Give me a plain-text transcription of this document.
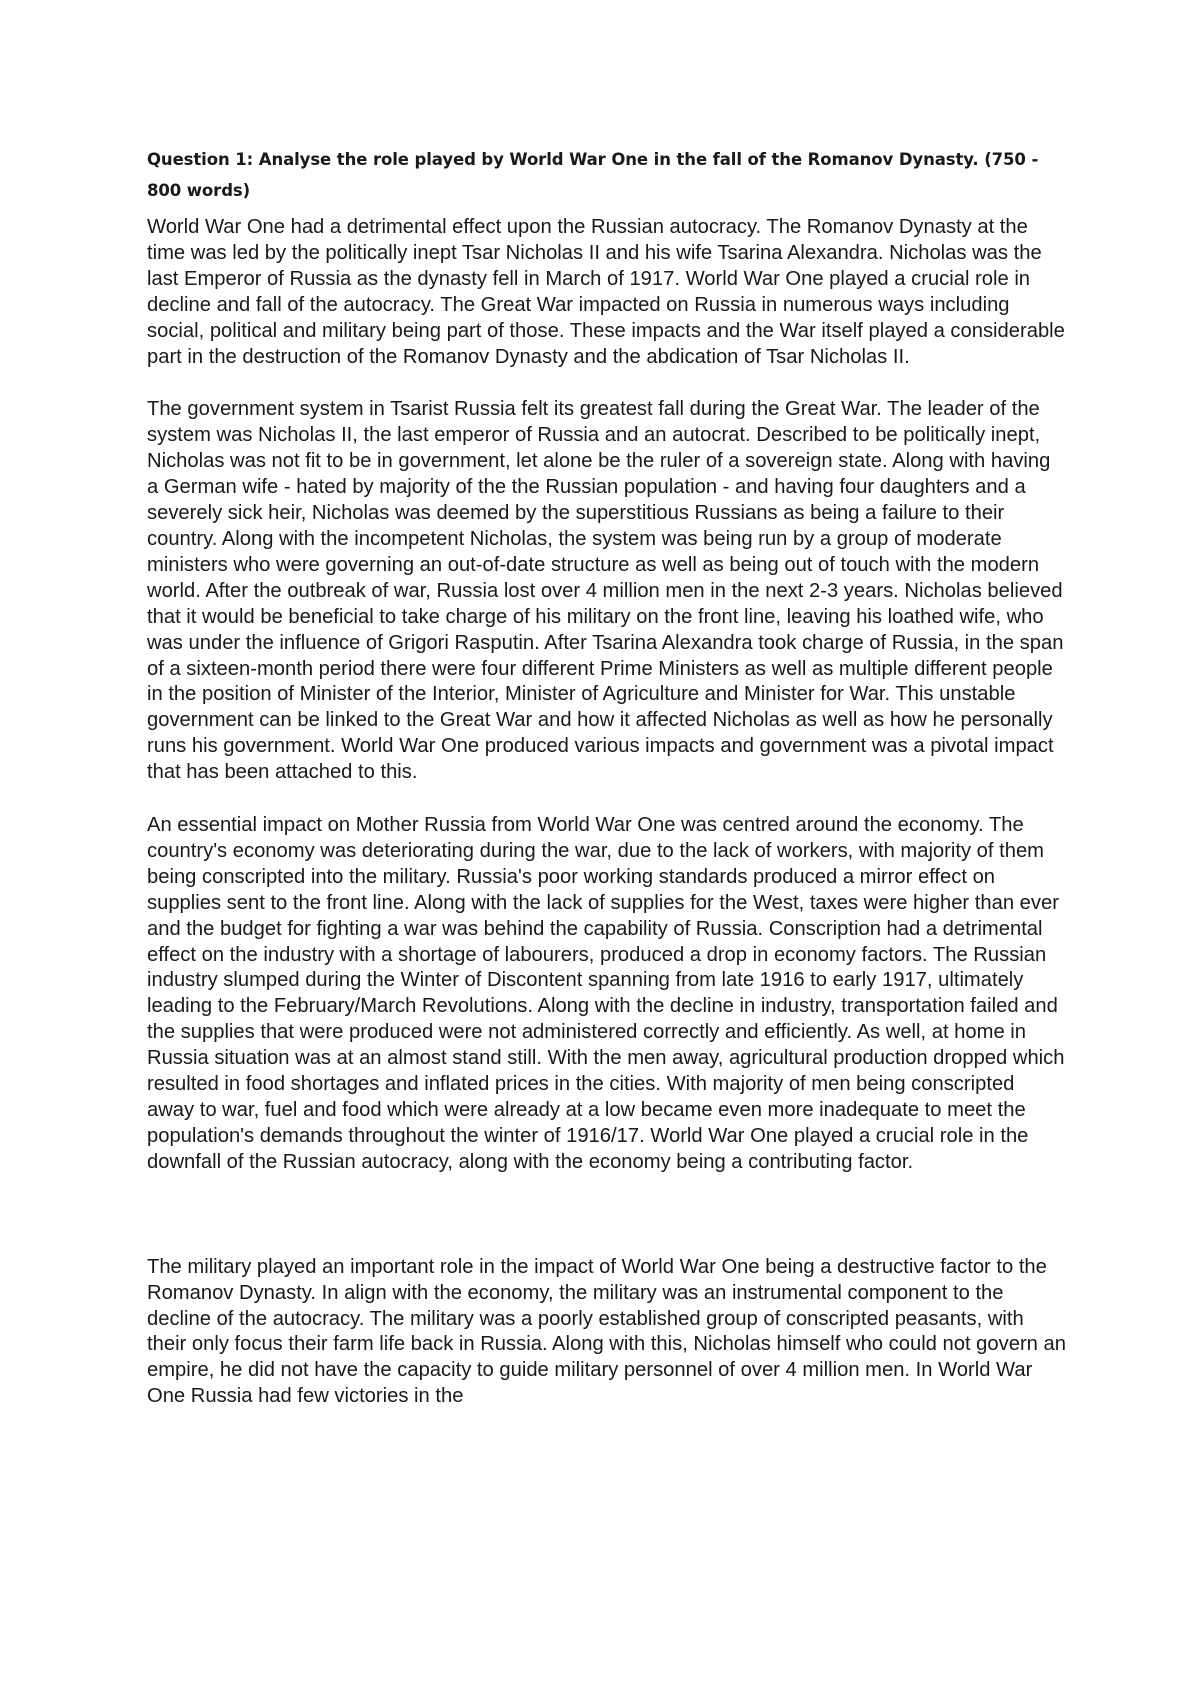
Question 1: Analyse the role played by World War One in the fall of the Romanov Dynasty. (750 - 800 words)

World War One had a detrimental effect upon the Russian autocracy. The Romanov Dynasty at the time was led by the politically inept Tsar Nicholas II and his wife Tsarina Alexandra. Nicholas was the last Emperor of Russia as the dynasty fell in March of 1917. World War One played a crucial role in decline and fall of the autocracy. The Great War impacted on Russia in numerous ways including social, political and military being part of those. These impacts and the War itself played a considerable part in the destruction of the Romanov Dynasty and the abdication of Tsar Nicholas II.

The government system in Tsarist Russia felt its greatest fall during the Great War. The leader of the system was Nicholas II, the last emperor of Russia and an autocrat. Described to be politically inept, Nicholas was not fit to be in government, let alone be the ruler of a sovereign state. Along with having a German wife - hated by majority of the the Russian population - and having four daughters and a severely sick heir, Nicholas was deemed by the superstitious Russians as being a failure to their country. Along with the incompetent Nicholas, the system was being run by a group of moderate ministers who were governing an out-of-date structure as well as being out of touch with the modern world. After the outbreak of war, Russia lost over 4 million men in the next 2-3 years. Nicholas believed that it would be beneficial to take charge of his military on the front line, leaving his loathed wife, who was under the influence of Grigori Rasputin. After Tsarina Alexandra took charge of Russia, in the span of a sixteen-month period there were four different Prime Ministers as well as multiple different people in the position of Minister of the Interior, Minister of Agriculture and Minister for War. This unstable government can be linked to the Great War and how it affected Nicholas as well as how he personally runs his government. World War One produced various impacts and government was a pivotal impact that has been attached to this.

An essential impact on Mother Russia from World War One was centred around the economy. The country's economy was deteriorating during the war, due to the lack of workers, with majority of them being conscripted into the military. Russia's poor working standards produced a mirror effect on supplies sent to the front line. Along with the lack of supplies for the West, taxes were higher than ever and the budget for fighting a war was behind the capability of Russia. Conscription had a detrimental effect on the industry with a shortage of labourers, produced a drop in economy factors. The Russian industry slumped during the Winter of Discontent spanning from late 1916 to early 1917, ultimately leading to the February/March Revolutions. Along with the decline in industry, transportation failed and the supplies that were produced were not administered correctly and efficiently. As well, at home in Russia situation was at an almost stand still. With the men away, agricultural production dropped which resulted in food shortages and inflated prices in the cities. With majority of men being conscripted away to war, fuel and food which were already at a low became even more inadequate to meet the population's demands throughout the winter of 1916/17. World War One played a crucial role in the downfall of the Russian autocracy, along with the economy being a contributing factor.

The military played an important role in the impact of World War One being a destructive factor to the Romanov Dynasty. In align with the economy, the military was an instrumental component to the decline of the autocracy. The military was a poorly established group of conscripted peasants, with their only focus their farm life back in Russia. Along with this, Nicholas himself who could not govern an empire, he did not have the capacity to guide military personnel of over 4 million men. In World War One Russia had few victories in the
